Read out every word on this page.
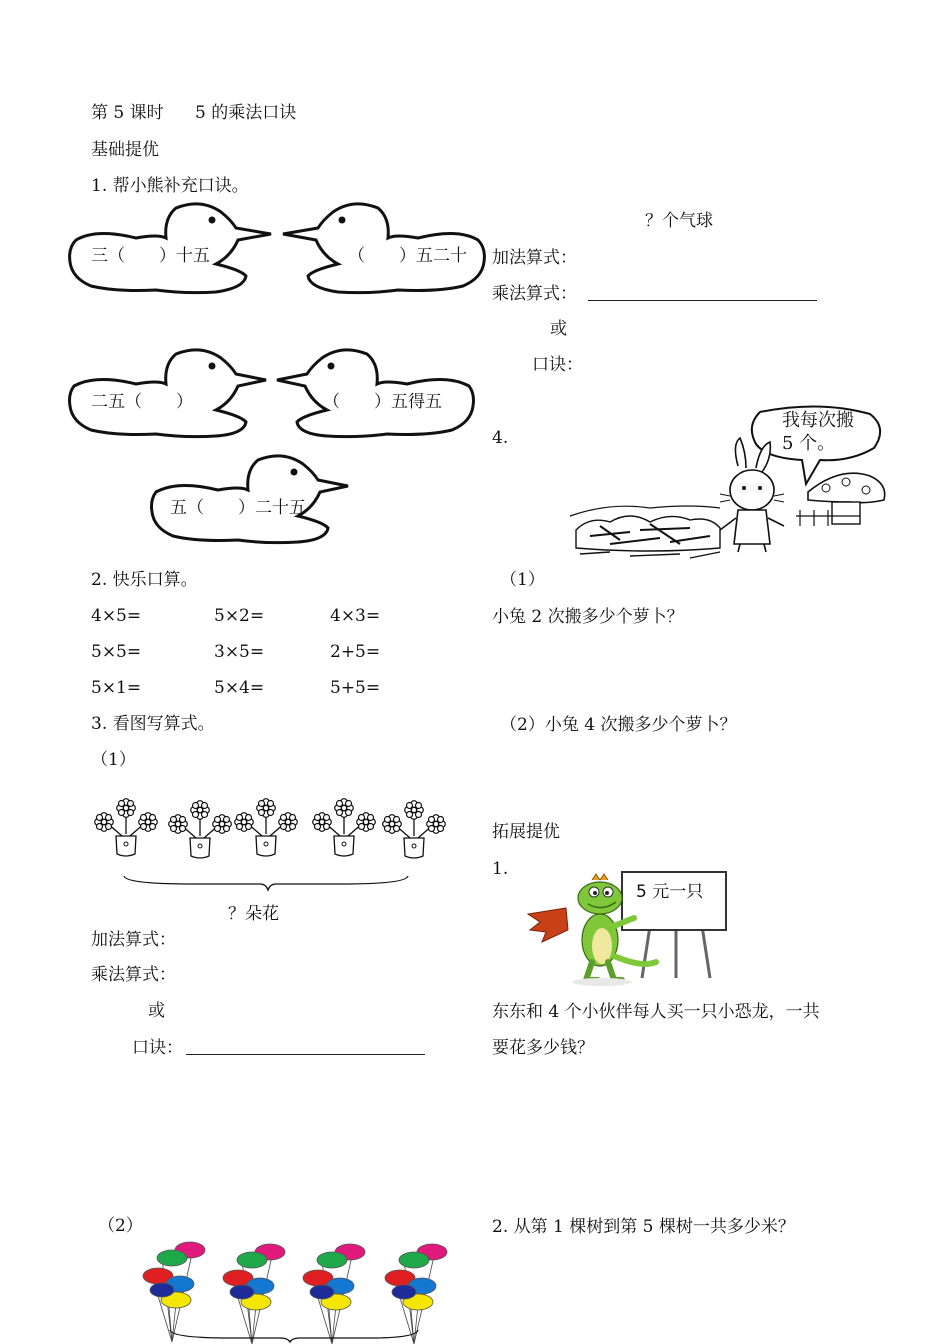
第 5 课时 5 的乘法口诀
基础提优
1. 帮小熊补充口诀。
三（　　）十五	（　　）五二十
二五（　　）	（　　）五得五
五（　　）二十五
2. 快乐口算。
4×5=	5×2=	4×3=
5×5=	3×5=	2+5=
5×1=	5×4=	5+5=
3. 看图写算式。
（1）
？朵花
加法算式：
乘法算式：
或
口诀：
（2）
？个气球
加法算式：
乘法算式：
或
口诀：
4.
我每次搬
5 个。
（1）
小兔 2 次搬多少个萝卜？
（2）小兔 4 次搬多少个萝卜？
拓展提优
1.
5 元一只
东东和 4 个小伙伴每人买一只小恐龙，一共
要花多少钱？
2. 从第 1 棵树到第 5 棵树一共多少米？
